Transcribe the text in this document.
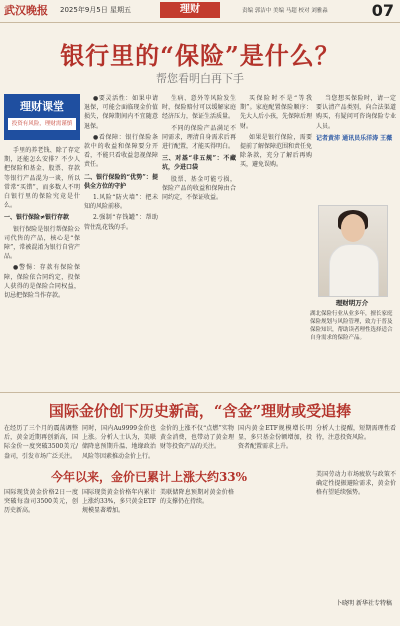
武汉晚报 2025年9月5日 星期五	理财	责编 郭洁中 美编 马超 校对 刘雅淼	07
银行里的“保险”是什么？
帮您看明白再下手
理财课堂
投资有风险，理财需谨慎

手里的养老钱、除了存定期，还能怎么安排？不少人把保险和基金、股票、存款等银行产品混为一谈，所以常常“买错”，而多数人不明白银行里的保险究竟是什么。

一、银行保险≠银行存款

银行保险是银行帮保险公司代售的产品，核心是“保障”，常被混淆为银行自营产品。

●警惕：存款有保险保障，保险依合同约定，投保人获得的是保险合同权益，切忌把保险当作存款。

●要灵活性：如果申请退保，可能会面临现金价值损失，保障期间内不宜随意退保。

●看保障：银行保险条款中的收益和保障要分开看，不能只看收益忽视保障责任。

二、银行保险的“优势”：提供全方位的守护

1.风险“防火墙”：把未知的风险前移。

2.强制“存钱罐”：帮助管住乱花钱的手。

生病、意外等风险发生时，保险赔付可以缓解家庭经济压力，保证生活质量。

不同的保险产品满足不同需求，理清自身需求后再进行配置，才能买得明白。

三、对基“非五规”：不藏坑，少进口袋

股票、基金可能亏损，保险产品的收益和保障由合同约定，不保证收益。

买保险时不是“等我期”。家庭配置保险顺序：先大人后小孩，先保障后理财。

如果是银行保险，需要提前了解保障范围和责任免除条款，充分了解后再购买，避免误购。

当您想买保险时，请一定要认清产品类别，向合法渠道购买，有疑问可咨询保险专业人员。

记者黄沛 通讯员乐洋涛 王薇

理财明万介
湖北保险行业从业多年，擅长家庭保险规划与风险管理，致力于普及保险知识，帮助读者理性选择适合自身需求的保险产品。
国际金价创下历史新高，“含金”理财或受追捧
在经历了三个月的震荡调整后，黄金近期再创新高，国际金价一度突破3500美元/盎司，引发市场广泛关注。
同时，国内Au9999金价也上涨。分析人士认为，美联储降息预期升温、地缘政治风险等因素推动金价上行。
金价的上涨不仅“点燃”实物黄金消费，也带动了黄金理财等投资产品的关注。
国内黄金ETF规模增长明显，多只基金份额增加，投资者配置需求上升。
分析人士提醒，短期需理性看待，注意投资风险。
今年以来，金价已累计上涨大约33%
国际现货黄金价格2日一度突破每盎司3500美元，创历史新高。
国际现货黄金价格年内累计上涨约33%，多只黄金ETF规模显著增加。
美联储降息预期对黄金价格的支撑仍在持续。
美国劳动力市场疲软与政策不确定性提振避险需求，黄金价格有望延续强势。
卜晓明 新华社专特稿
